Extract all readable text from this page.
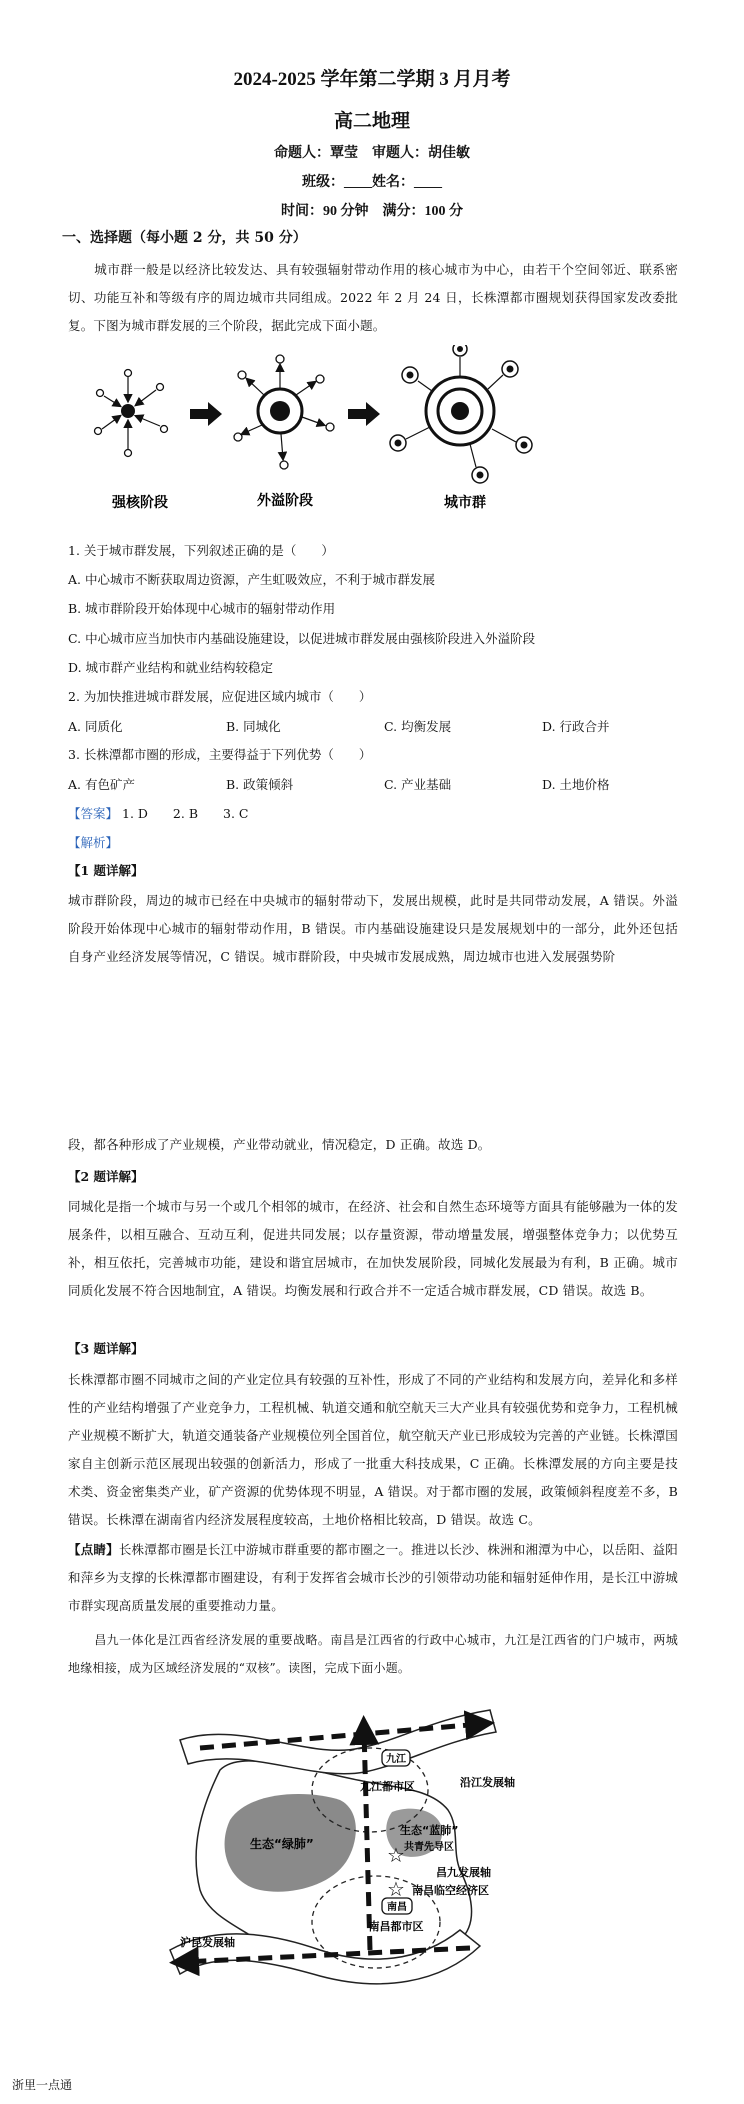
2024-2025 学年第二学期 3 月月考
高二地理
命题人：覃莹　审题人：胡佳敏
班级：____姓名：____
时间：90 分钟　满分：100 分
一、选择题（每小题 2 分，共 50 分）
城市群一般是以经济比较发达、具有较强辐射带动作用的核心城市为中心，由若干个空间邻近、联系密切、功能互补和等级有序的周边城市共同组成。2022 年 2 月 24 日，长株潭都市圈规划获得国家发改委批复。下图为城市群发展的三个阶段，据此完成下面小题。
强核阶段	外溢阶段	城市群
1. 关于城市群发展，下列叙述正确的是（　　）
A. 中心城市不断获取周边资源，产生虹吸效应，不利于城市群发展
B. 城市群阶段开始体现中心城市的辐射带动作用
C. 中心城市应当加快市内基础设施建设，以促进城市群发展由强核阶段进入外溢阶段
D. 城市群产业结构和就业结构较稳定
2. 为加快推进城市群发展，应促进区域内城市（　　）
A. 同质化	B. 同城化	C. 均衡发展	D. 行政合并
3. 长株潭都市圈的形成，主要得益于下列优势（　　）
A. 有色矿产	B. 政策倾斜	C. 产业基础	D. 土地价格
【答案】 1. D　　2. B　　3. C
【解析】
【1 题详解】
城市群阶段，周边的城市已经在中央城市的辐射带动下，发展出规模，此时是共同带动发展，A 错误。外溢阶段开始体现中心城市的辐射带动作用，B 错误。市内基础设施建设只是发展规划中的一部分，此外还包括自身产业经济发展等情况，C 错误。城市群阶段，中央城市发展成熟，周边城市也进入发展强势阶
段，都各种形成了产业规模，产业带动就业，情况稳定，D 正确。故选 D。
【2 题详解】
同城化是指一个城市与另一个或几个相邻的城市，在经济、社会和自然生态环境等方面具有能够融为一体的发展条件，以相互融合、互动互利，促进共同发展；以存量资源，带动增量发展，增强整体竞争力；以优势互补，相互依托，完善城市功能，建设和谐宜居城市，在加快发展阶段，同城化发展最为有利，B 正确。城市同质化发展不符合因地制宜，A 错误。均衡发展和行政合并不一定适合城市群发展，CD 错误。故选 B。
【3 题详解】
长株潭都市圈不同城市之间的产业定位具有较强的互补性，形成了不同的产业结构和发展方向，差异化和多样性的产业结构增强了产业竞争力，工程机械、轨道交通和航空航天三大产业具有较强优势和竞争力，工程机械产业规模不断扩大，轨道交通装备产业规模位列全国首位，航空航天产业已形成较为完善的产业链。长株潭国家自主创新示范区展现出较强的创新活力，形成了一批重大科技成果，C 正确。长株潭发展的方向主要是技术类、资金密集类产业，矿产资源的优势体现不明显，A 错误。对于都市圈的发展，政策倾斜程度差不多，B 错误。长株潭在湖南省内经济发展程度较高，土地价格相比较高，D 错误。故选 C。
【点睛】长株潭都市圈是长江中游城市群重要的都市圈之一。推进以长沙、株洲和湘潭为中心，以岳阳、益阳和萍乡为支撑的长株潭都市圈建设，有利于发挥省会城市长沙的引领带动功能和辐射延伸作用，是长江中游城市群实现高质量发展的重要推动力量。
昌九一体化是江西省经济发展的重要战略。南昌是江西省的行政中心城市，九江是江西省的门户城市，两城地缘相接，成为区域经济发展的“双核”。读图，完成下面小题。
☆
☆
九江
九江都市区	沿江发展轴
生态“绿肺”
生态“蓝肺”
共青先导区
昌九发展轴
南昌临空经济区
南昌
南昌都市区
沪昆发展轴
浙里一点通
